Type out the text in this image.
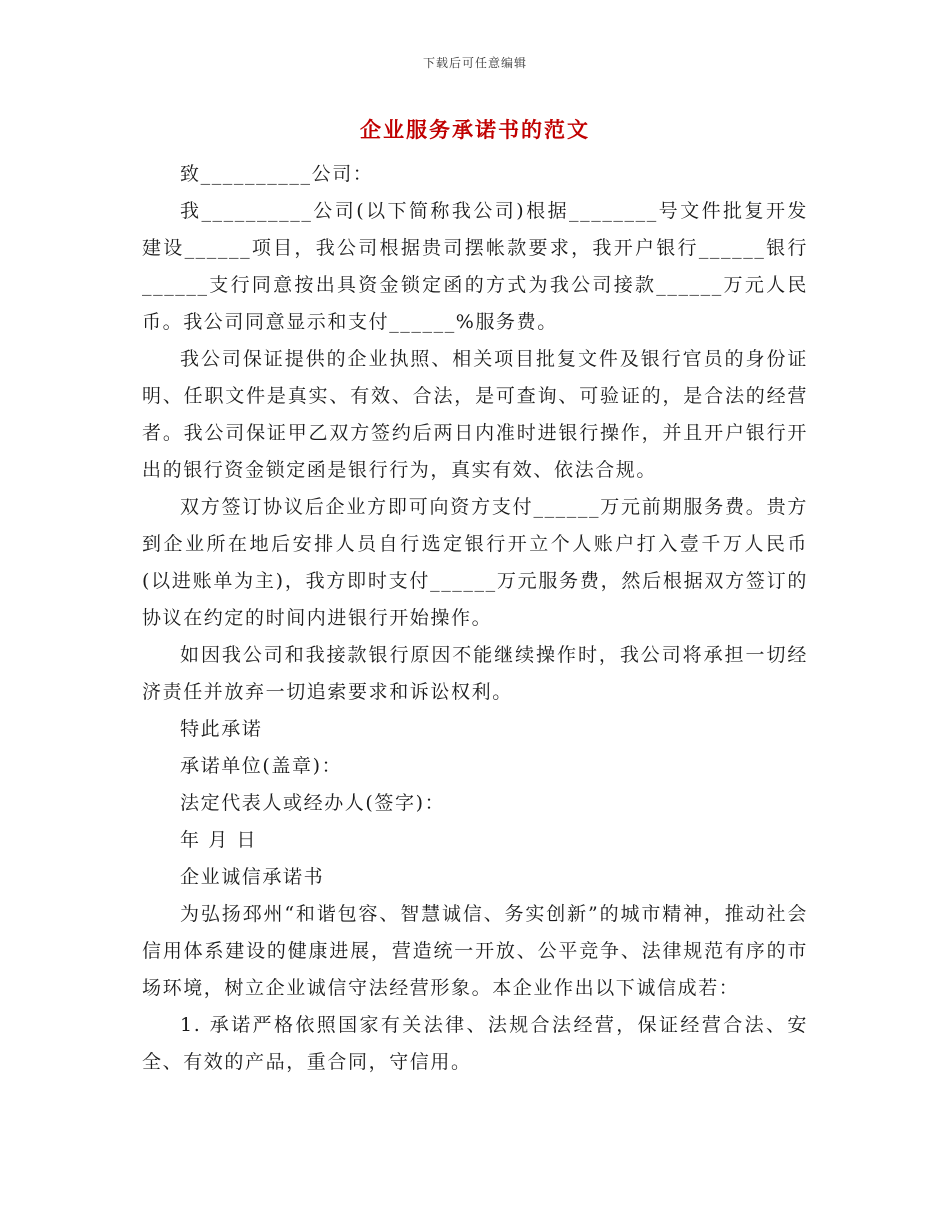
下载后可任意编辑
企业服务承诺书的范文

致__________公司：

我__________公司(以下简称我公司)根据________号文件批复开发建设______项目，我公司根据贵司摆帐款要求，我开户银行______银行 ______支行同意按出具资金锁定函的方式为我公司接款______万元人民币。我公司同意显示和支付______%服务费。

我公司保证提供的企业执照、相关项目批复文件及银行官员的身份证明、任职文件是真实、有效、合法，是可查询、可验证的，是合法的经营者。我公司保证甲乙双方签约后两日内准时进银行操作，并且开户银行开出的银行资金锁定函是银行行为，真实有效、依法合规。

双方签订协议后企业方即可向资方支付______万元前期服务费。贵方到企业所在地后安排人员自行选定银行开立个人账户打入壹千万人民币(以进账单为主)，我方即时支付______万元服务费，然后根据双方签订的协议在约定的时间内进银行开始操作。

如因我公司和我接款银行原因不能继续操作时，我公司将承担一切经济责任并放弃一切追索要求和诉讼权利。

特此承诺

承诺单位(盖章)：

法定代表人或经办人(签字)：

年 月 日

企业诚信承诺书

为弘扬邳州“和谐包容、智慧诚信、务实创新”的城市精神，推动社会信用体系建设的健康进展，营造统一开放、公平竞争、法律规范有序的市场环境，树立企业诚信守法经营形象。本企业作出以下诚信成若：

1. 承诺严格依照国家有关法律、法规合法经营，保证经营合法、安全、有效的产品，重合同，守信用。
